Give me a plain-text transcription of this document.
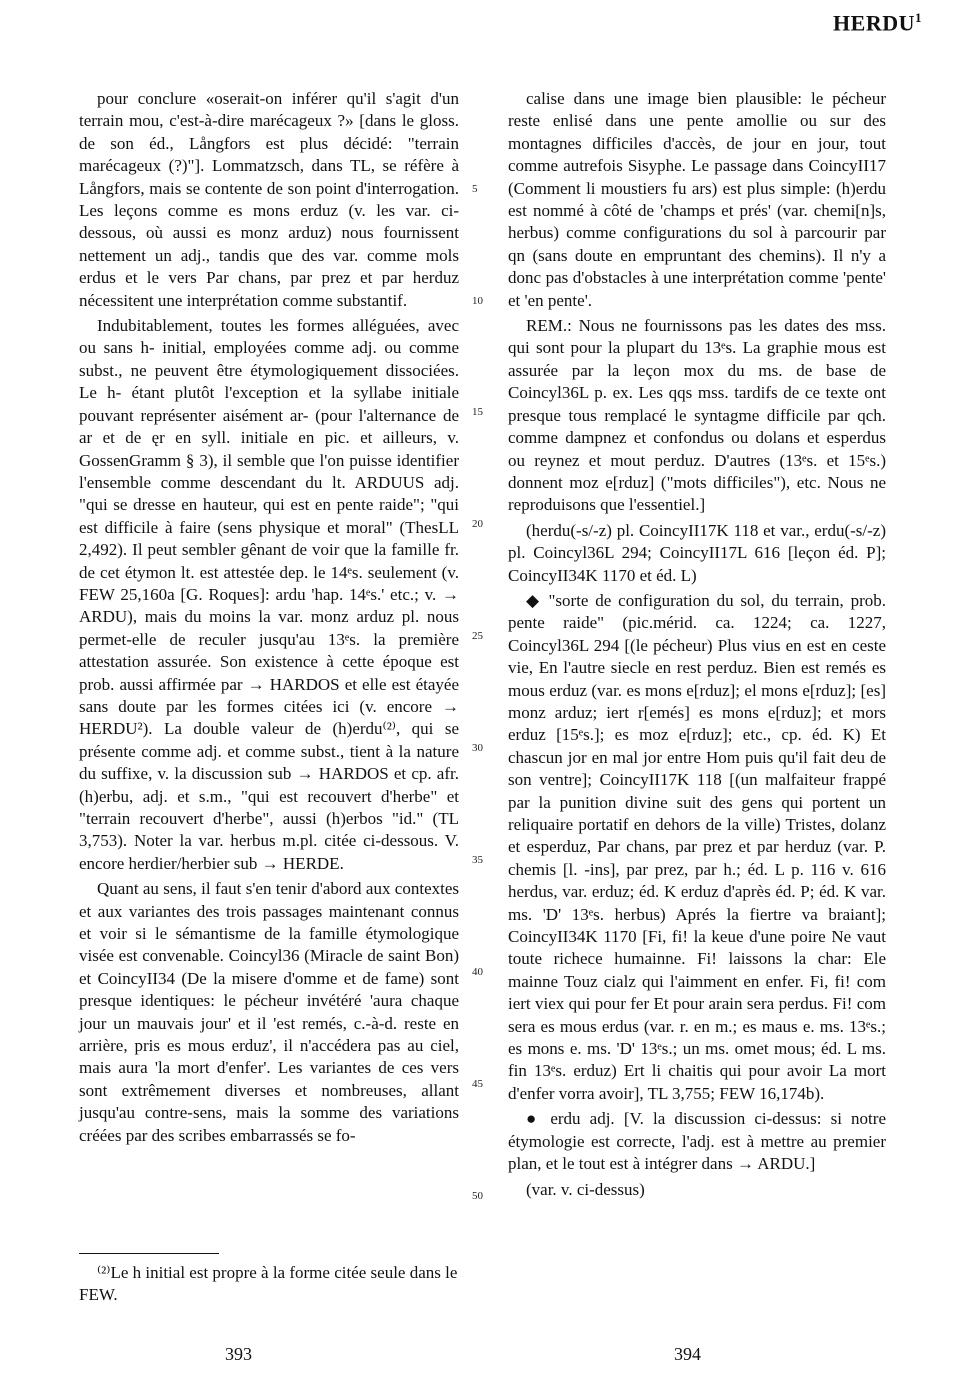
HERDU$^1$

pour conclure «oserait-on inférer qu'il s'agit d'un terrain mou, c'est-à-dire marécageux ?» [dans le gloss. de son éd., Långfors est plus décidé: "terrain marécageux (?)"]. Lommatzsch, dans TL, se réfère à Långfors, mais se contente de son point d'interrogation. Les leçons comme es mons erduz (v. les var. ci-dessous, où aussi es monz arduz) nous fournissent nettement un adj., tandis que des var. comme mols erdus et le vers Par chans, par prez et par herduz nécessitent une interprétation comme substantif.

Indubitablement, toutes les formes alléguées, avec ou sans h- initial, employées comme adj. ou comme subst., ne peuvent être étymologiquement dissociées. Le h- étant plutôt l'exception et la syllabe initiale pouvant représenter aisément ar- (pour l'alternance de ar et de ęr en syll. initiale en pic. et ailleurs, v. GossenGramm § 3), il semble que l'on puisse identifier l'ensemble comme descendant du lt. ARDUUS adj. "qui se dresse en hauteur, qui est en pente raide"; "qui est difficile à faire (sens physique et moral" (ThesLL 2,492). Il peut sembler gênant de voir que la famille fr. de cet étymon lt. est attestée dep. le 14ᵉs. seulement (v. FEW 25,160a [G. Roques]: ardu 'hap. 14ᵉs.' etc.; v. → ARDU), mais du moins la var. monz arduz pl. nous permet-elle de reculer jusqu'au 13ᵉs. la première attestation assurée. Son existence à cette époque est prob. aussi affirmée par → HARDOS et elle est étayée sans doute par les formes citées ici (v. encore → HERDU²). La double valeur de (h)erdu⁽²⁾, qui se présente comme adj. et comme subst., tient à la nature du suffixe, v. la discussion sub → HARDOS et cp. afr. (h)erbu, adj. et s.m., "qui est recouvert d'herbe" et "terrain recouvert d'herbe", aussi (h)erbos "id." (TL 3,753). Noter la var. herbus m.pl. citée ci-dessous. V. encore herdier/herbier sub → HERDE.

Quant au sens, il faut s'en tenir d'abord aux contextes et aux variantes des trois passages maintenant connus et voir si le sémantisme de la famille étymologique visée est convenable. Coincyl36 (Miracle de saint Bon) et CoincyII34 (De la misere d'omme et de fame) sont presque identiques: le pécheur invétéré 'aura chaque jour un mauvais jour' et il 'est remés, c.-à-d. reste en arrière, pris es mous erduz', il n'accédera pas au ciel, mais aura 'la mort d'enfer'. Les variantes de ces vers sont extrêmement diverses et nombreuses, allant jusqu'au contre-sens, mais la somme des variations créées par des scribes embarrassés se fo-

5
10
15
20
25
30
35
40
45
50

calise dans une image bien plausible: le pécheur reste enlisé dans une pente amollie ou sur des montagnes difficiles d'accès, de jour en jour, tout comme autrefois Sisyphe. Le passage dans CoincyII17 (Comment li moustiers fu ars) est plus simple: (h)erdu est nommé à côté de 'champs et prés' (var. chemi[n]s, herbus) comme configurations du sol à parcourir par qn (sans doute en empruntant des chemins). Il n'y a donc pas d'obstacles à une interprétation comme 'pente' et 'en pente'.

REM.: Nous ne fournissons pas les dates des mss. qui sont pour la plupart du 13ᵉs. La graphie mous est assurée par la leçon mox du ms. de base de Coincyl36L p. ex. Les qqs mss. tardifs de ce texte ont presque tous remplacé le syntagme difficile par qch. comme dampnez et confondus ou dolans et esperdus ou reynez et mout perduz. D'autres (13ᵉs. et 15ᵉs.) donnent moz e[rduz] ("mots difficiles"), etc. Nous ne reproduisons que l'essentiel.]

(herdu(-s/-z) pl. CoincyII17K 118 et var., erdu(-s/-z) pl. Coincyl36L 294; CoincyII17L 616 [leçon éd. P]; CoincyII34K 1170 et éd. L)

◆ "sorte de configuration du sol, du terrain, prob. pente raide" (pic.mérid. ca. 1224; ca. 1227, Coincyl36L 294 [(le pécheur) Plus vius en est en ceste vie, En l'autre siecle en rest perduz. Bien est remés es mous erduz (var. es mons e[rduz]; el mons e[rduz]; [es] monz arduz; iert r[emés] es mons e[rduz]; et mors erduz [15ᵉs.]; es moz e[rduz]; etc., cp. éd. K) Et chascun jor en mal jor entre Hom puis qu'il fait deu de son ventre]; CoincyII17K 118 [(un malfaiteur frappé par la punition divine suit des gens qui portent un reliquaire portatif en dehors de la ville) Tristes, dolanz et esperduz, Par chans, par prez et par herduz (var. P. chemis [l. -ins], par prez, par h.; éd. L p. 116 v. 616 herdus, var. erduz; éd. K erduz d'après éd. P; éd. K var. ms. 'D' 13ᵉs. herbus) Aprés la fiertre va braiant]; CoincyII34K 1170 [Fi, fi! la keue d'une poire Ne vaut toute richece humainne. Fi! laissons la char: Ele mainne Touz cialz qui l'aimment en enfer. Fi, fi! com iert viex qui pour fer Et pour arain sera perdus. Fi! com sera es mous erdus (var. r. en m.; es maus e. ms. 13ᵉs.; es mons e. ms. 'D' 13ᵉs.; un ms. omet mous; éd. L ms. fin 13ᵉs. erduz) Ert li chaitis qui pour avoir La mort d'enfer vorra avoir], TL 3,755; FEW 16,174b).

● erdu adj. [V. la discussion ci-dessus: si notre étymologie est correcte, l'adj. est à mettre au premier plan, et le tout est à intégrer dans → ARDU.]

(var. v. ci-dessus)

⁽²⁾Le h initial est propre à la forme citée seule dans le FEW.
393	394
